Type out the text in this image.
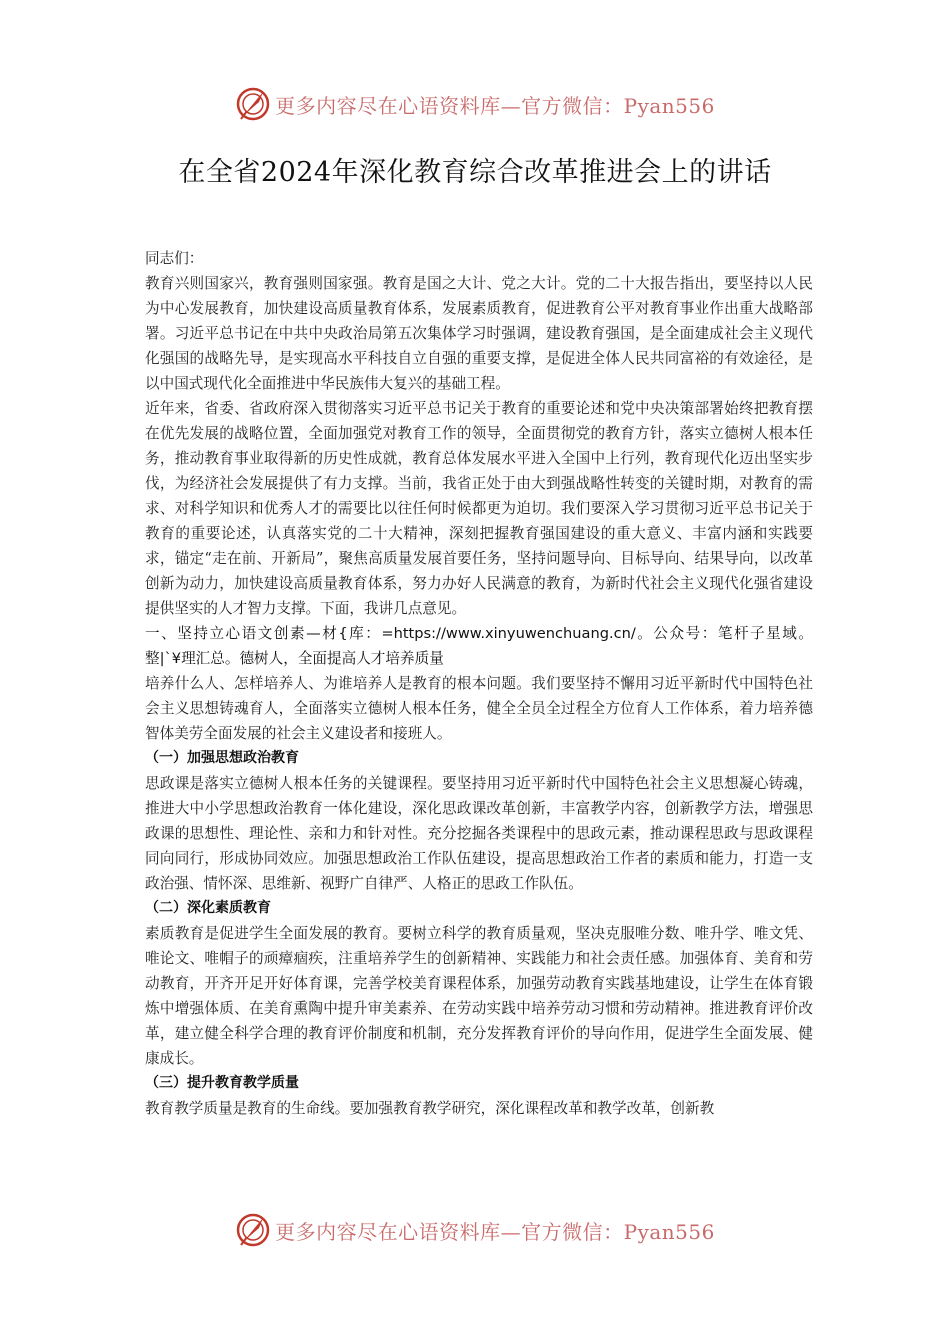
更多内容尽在心语资料库—官方微信：Pyan556
在全省2024年深化教育综合改革推进会上的讲话

同志们：

教育兴则国家兴，教育强则国家强。教育是国之大计、党之大计。党的二十大报告指出，要坚持以人民为中心发展教育，加快建设高质量教育体系，发展素质教育，促进教育公平对教育事业作出重大战略部署。习近平总书记在中共中央政治局第五次集体学习时强调，建设教育强国，是全面建成社会主义现代化强国的战略先导，是实现高水平科技自立自强的重要支撑，是促进全体人民共同富裕的有效途径，是以中国式现代化全面推进中华民族伟大复兴的基础工程。

近年来，省委、省政府深入贯彻落实习近平总书记关于教育的重要论述和党中央决策部署始终把教育摆在优先发展的战略位置，全面加强党对教育工作的领导，全面贯彻党的教育方针，落实立德树人根本任务，推动教育事业取得新的历史性成就，教育总体发展水平进入全国中上行列，教育现代化迈出坚实步伐，为经济社会发展提供了有力支撑。当前，我省正处于由大到强战略性转变的关键时期，对教育的需求、对科学知识和优秀人才的需要比以往任何时候都更为迫切。我们要深入学习贯彻习近平总书记关于教育的重要论述，认真落实党的二十大精神，深刻把握教育强国建设的重大意义、丰富内涵和实践要求，锚定“走在前、开新局”，聚焦高质量发展首要任务，坚持问题导向、目标导向、结果导向，以改革创新为动力，加快建设高质量教育体系，努力办好人民满意的教育，为新时代社会主义现代化强省建设提供坚实的人才智力支撑。下面，我讲几点意见。

一、坚持立心语文创素—材{库：=https://www.xinyuwenchuang.cn/。公众号：笔杆子星域。整|`¥理汇总。德树人，全面提高人才培养质量

培养什么人、怎样培养人、为谁培养人是教育的根本问题。我们要坚持不懈用习近平新时代中国特色社会主义思想铸魂育人，全面落实立德树人根本任务，健全全员全过程全方位育人工作体系，着力培养德智体美劳全面发展的社会主义建设者和接班人。

（一）加强思想政治教育

思政课是落实立德树人根本任务的关键课程。要坚持用习近平新时代中国特色社会主义思想凝心铸魂，推进大中小学思想政治教育一体化建设，深化思政课改革创新，丰富教学内容，创新教学方法，增强思政课的思想性、理论性、亲和力和针对性。充分挖掘各类课程中的思政元素，推动课程思政与思政课程同向同行，形成协同效应。加强思想政治工作队伍建设，提高思想政治工作者的素质和能力，打造一支政治强、情怀深、思维新、视野广自律严、人格正的思政工作队伍。

（二）深化素质教育

素质教育是促进学生全面发展的教育。要树立科学的教育质量观，坚决克服唯分数、唯升学、唯文凭、唯论文、唯帽子的顽瘴痼疾，注重培养学生的创新精神、实践能力和社会责任感。加强体育、美育和劳动教育，开齐开足开好体育课，完善学校美育课程体系，加强劳动教育实践基地建设，让学生在体育锻炼中增强体质、在美育熏陶中提升审美素养、在劳动实践中培养劳动习惯和劳动精神。推进教育评价改革，建立健全科学合理的教育评价制度和机制，充分发挥教育评价的导向作用，促进学生全面发展、健康成长。

（三）提升教育教学质量

教育教学质量是教育的生命线。要加强教育教学研究，深化课程改革和教学改革，创新教

更多内容尽在心语资料库—官方微信：Pyan556
